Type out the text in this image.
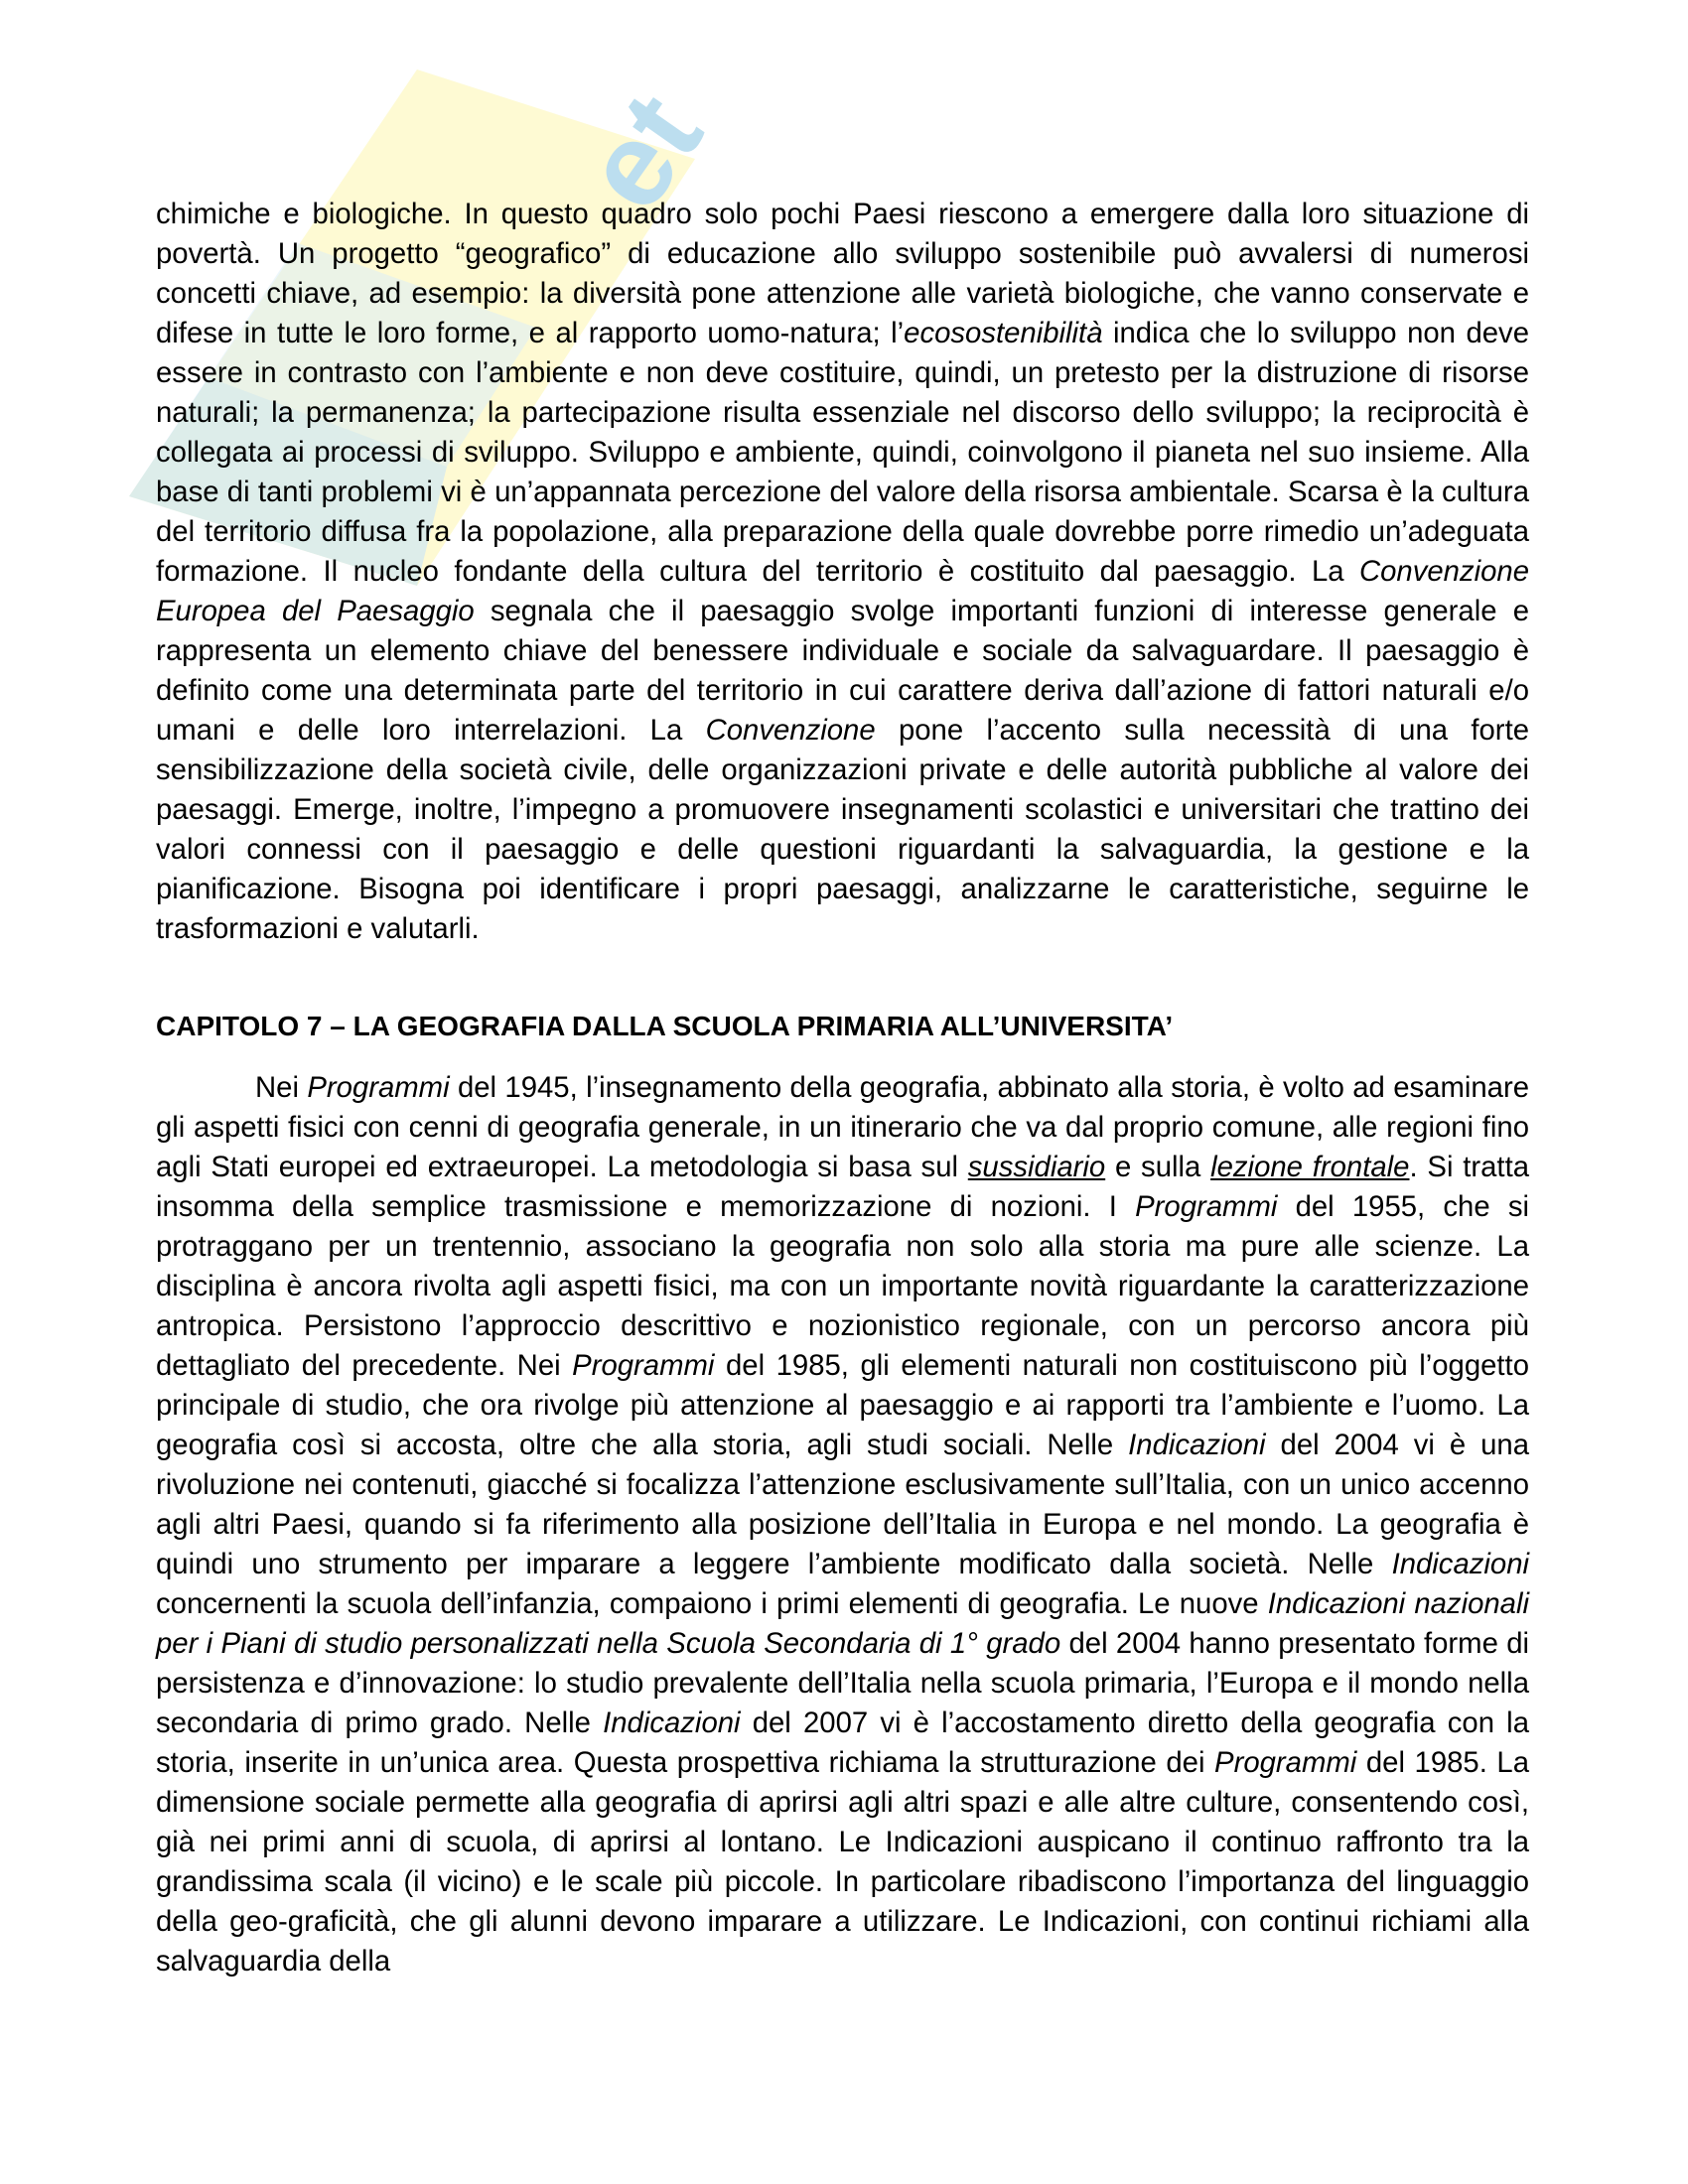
et

chimiche e biologiche. In questo quadro solo pochi Paesi riescono a emergere dalla loro situazione di povertà. Un progetto “geografico” di educazione allo sviluppo sostenibile può avvalersi di numerosi concetti chiave, ad esempio: la diversità pone attenzione alle varietà biologiche, che vanno conservate e difese in tutte le loro forme, e al rapporto uomo-natura; l’ecosostenibilità indica che lo sviluppo non deve essere in contrasto con l’ambiente e non deve costituire, quindi, un pretesto per la distruzione di risorse naturali; la permanenza; la partecipazione risulta essenziale nel discorso dello sviluppo; la reciprocità è collegata ai processi di sviluppo. Sviluppo e ambiente, quindi, coinvolgono il pianeta nel suo insieme. Alla base di tanti problemi vi è un’appannata percezione del valore della risorsa ambientale. Scarsa è la cultura del territorio diffusa fra la popolazione, alla preparazione della quale dovrebbe porre rimedio un’adeguata formazione. Il nucleo fondante della cultura del territorio è costituito dal paesaggio. La Convenzione Europea del Paesaggio segnala che il paesaggio svolge importanti funzioni di interesse generale e rappresenta un elemento chiave del benessere individuale e sociale da salvaguardare. Il paesaggio è definito come una determinata parte del territorio in cui carattere deriva dall’azione di fattori naturali e/o umani e delle loro interrelazioni. La Convenzione pone l’accento sulla necessità di una forte sensibilizzazione della società civile, delle organizzazioni private e delle autorità pubbliche al valore dei paesaggi. Emerge, inoltre, l’impegno a promuovere insegnamenti scolastici e universitari che trattino dei valori connessi con il paesaggio e delle questioni riguardanti la salvaguardia, la gestione e la pianificazione. Bisogna poi identificare i propri paesaggi, analizzarne le caratteristiche, seguirne le trasformazioni e valutarli.

CAPITOLO 7 – LA GEOGRAFIA DALLA SCUOLA PRIMARIA ALL’UNIVERSITA’

Nei Programmi del 1945, l’insegnamento della geografia, abbinato alla storia, è volto ad esaminare gli aspetti fisici con cenni di geografia generale, in un itinerario che va dal proprio comune, alle regioni fino agli Stati europei ed extraeuropei. La metodologia si basa sul sussidiario e sulla lezione frontale. Si tratta insomma della semplice trasmissione e memorizzazione di nozioni. I Programmi del 1955, che si protraggano per un trentennio, associano la geografia non solo alla storia ma pure alle scienze. La disciplina è ancora rivolta agli aspetti fisici, ma con un importante novità riguardante la caratterizzazione antropica. Persistono l’approccio descrittivo e nozionistico regionale, con un percorso ancora più dettagliato del precedente. Nei Programmi del 1985, gli elementi naturali non costituiscono più l’oggetto principale di studio, che ora rivolge più attenzione al paesaggio e ai rapporti tra l’ambiente e l’uomo. La geografia così si accosta, oltre che alla storia, agli studi sociali. Nelle Indicazioni del 2004 vi è una rivoluzione nei contenuti, giacché si focalizza l’attenzione esclusivamente sull’Italia, con un unico accenno agli altri Paesi, quando si fa riferimento alla posizione dell’Italia in Europa e nel mondo. La geografia è quindi uno strumento per imparare a leggere l’ambiente modificato dalla società. Nelle Indicazioni concernenti la scuola dell’infanzia, compaiono i primi elementi di geografia. Le nuove Indicazioni nazionali per i Piani di studio personalizzati nella Scuola Secondaria di 1° grado del 2004 hanno presentato forme di persistenza e d’innovazione: lo studio prevalente dell’Italia nella scuola primaria, l’Europa e il mondo nella secondaria di primo grado. Nelle Indicazioni del 2007 vi è l’accostamento diretto della geografia con la storia, inserite in un’unica area. Questa prospettiva richiama la strutturazione dei Programmi del 1985. La dimensione sociale permette alla geografia di aprirsi agli altri spazi e alle altre culture, consentendo così, già nei primi anni di scuola, di aprirsi al lontano. Le Indicazioni auspicano il continuo raffronto tra la grandissima scala (il vicino) e le scale più piccole. In particolare ribadiscono l’importanza del linguaggio della geo-graficità, che gli alunni devono imparare a utilizzare. Le Indicazioni, con continui richiami alla salvaguardia della
